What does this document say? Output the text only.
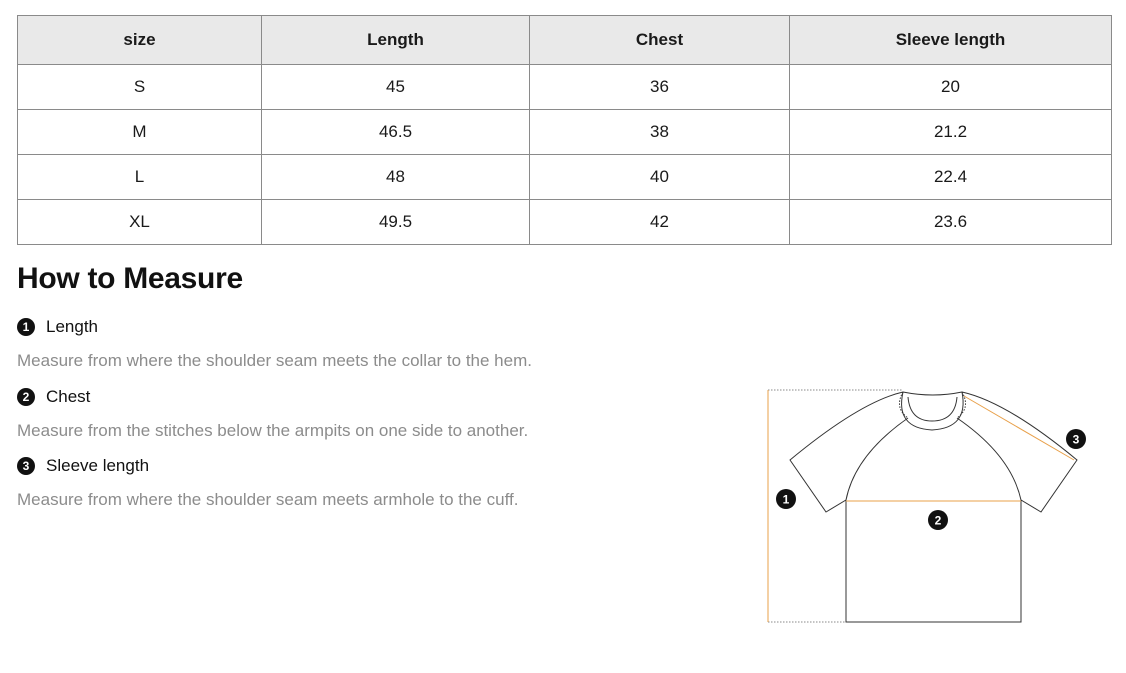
size	Length	Chest	Sleeve length
S	45	36	20
M	46.5	38	21.2
L	48	40	22.4
XL	49.5	42	23.6
How to Measure
1 Length

Measure from where the shoulder seam meets the collar to the hem.

2 Chest

Measure from the stitches below the armpits on one side to another.

3 Sleeve length

Measure from where the shoulder seam meets armhole to the cuff.	1
2
3
